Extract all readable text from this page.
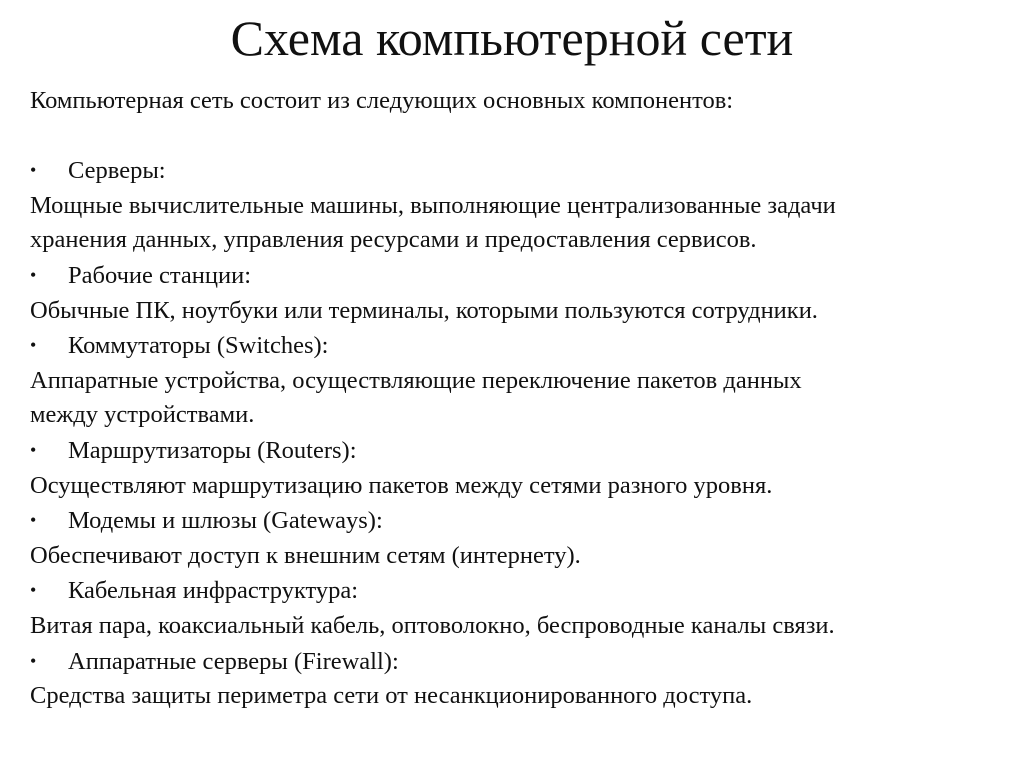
Схема компьютерной сети
Компьютерная сеть состоит из следующих основных компонентов:
• Серверы:
Мощные вычислительные машины, выполняющие централизованные задачи
хранения данных, управления ресурсами и предоставления сервисов.
• Рабочие станции:
Обычные ПК, ноутбуки или терминалы, которыми пользуются сотрудники.
• Коммутаторы (Switches):
Аппаратные устройства, осуществляющие переключение пакетов данных
между устройствами.
• Маршрутизаторы (Routers):
Осуществляют маршрутизацию пакетов между сетями разного уровня.
• Модемы и шлюзы (Gateways):
Обеспечивают доступ к внешним сетям (интернету).
• Кабельная инфраструктура:
Витая пара, коаксиальный кабель, оптоволокно, беспроводные каналы связи.
• Аппаратные серверы (Firewall):
Средства защиты периметра сети от несанкционированного доступа.
